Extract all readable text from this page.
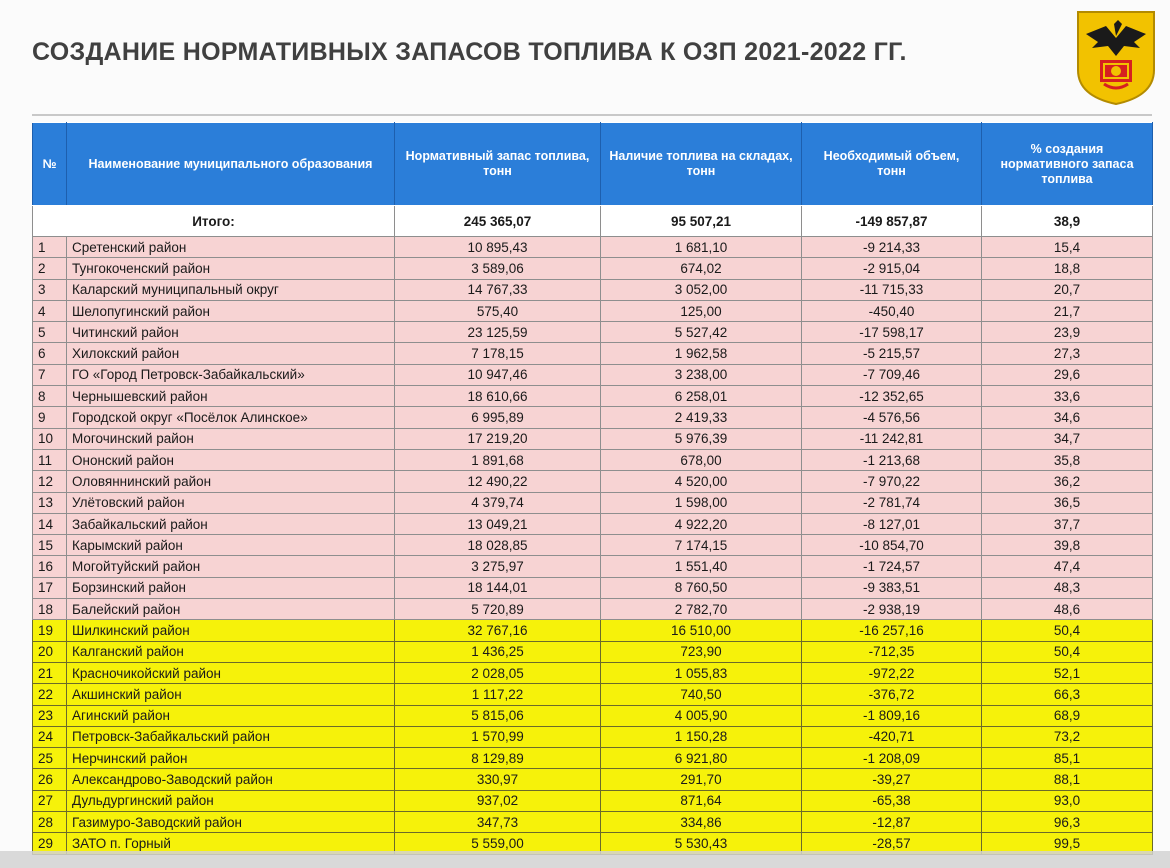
СОЗДАНИЕ НОРМАТИВНЫХ ЗАПАСОВ ТОПЛИВА К ОЗП 2021-2022 ГГ.
№	Наименование муниципального образования	Нормативный запас топлива, тонн	Наличие топлива на складах, тонн	Необходимый объем, тонн	% создания нормативного запаса топлива
Итого:		245 365,07	95 507,21	-149 857,87	38,9
1	Сретенский район	10 895,43	1 681,10	-9 214,33	15,4
2	Тунгокоченский район	3 589,06	674,02	-2 915,04	18,8
3	Каларский муниципальный округ	14 767,33	3 052,00	-11 715,33	20,7
4	Шелопугинский район	575,40	125,00	-450,40	21,7
5	Читинский район	23 125,59	5 527,42	-17 598,17	23,9
6	Хилокский район	7 178,15	1 962,58	-5 215,57	27,3
7	ГО «Город Петровск-Забайкальский»	10 947,46	3 238,00	-7 709,46	29,6
8	Чернышевский район	18 610,66	6 258,01	-12 352,65	33,6
9	Городской округ «Посёлок Алинское»	6 995,89	2 419,33	-4 576,56	34,6
10	Могочинский район	17 219,20	5 976,39	-11 242,81	34,7
11	Ононский район	1 891,68	678,00	-1 213,68	35,8
12	Оловяннинский район	12 490,22	4 520,00	-7 970,22	36,2
13	Улётовский район	4 379,74	1 598,00	-2 781,74	36,5
14	Забайкальский район	13 049,21	4 922,20	-8 127,01	37,7
15	Карымский район	18 028,85	7 174,15	-10 854,70	39,8
16	Могойтуйский район	3 275,97	1 551,40	-1 724,57	47,4
17	Борзинский район	18 144,01	8 760,50	-9 383,51	48,3
18	Балейский район	5 720,89	2 782,70	-2 938,19	48,6
19	Шилкинский район	32 767,16	16 510,00	-16 257,16	50,4
20	Калганский район	1 436,25	723,90	-712,35	50,4
21	Красночикойский район	2 028,05	1 055,83	-972,22	52,1
22	Акшинский район	1 117,22	740,50	-376,72	66,3
23	Агинский район	5 815,06	4 005,90	-1 809,16	68,9
24	Петровск-Забайкальский район	1 570,99	1 150,28	-420,71	73,2
25	Нерчинский район	8 129,89	6 921,80	-1 208,09	85,1
26	Александрово-Заводский район	330,97	291,70	-39,27	88,1
27	Дульдургинский район	937,02	871,64	-65,38	93,0
28	Газимуро-Заводский район	347,73	334,86	-12,87	96,3
29	ЗАТО п. Горный	5 559,00	5 530,43	-28,57	99,5
